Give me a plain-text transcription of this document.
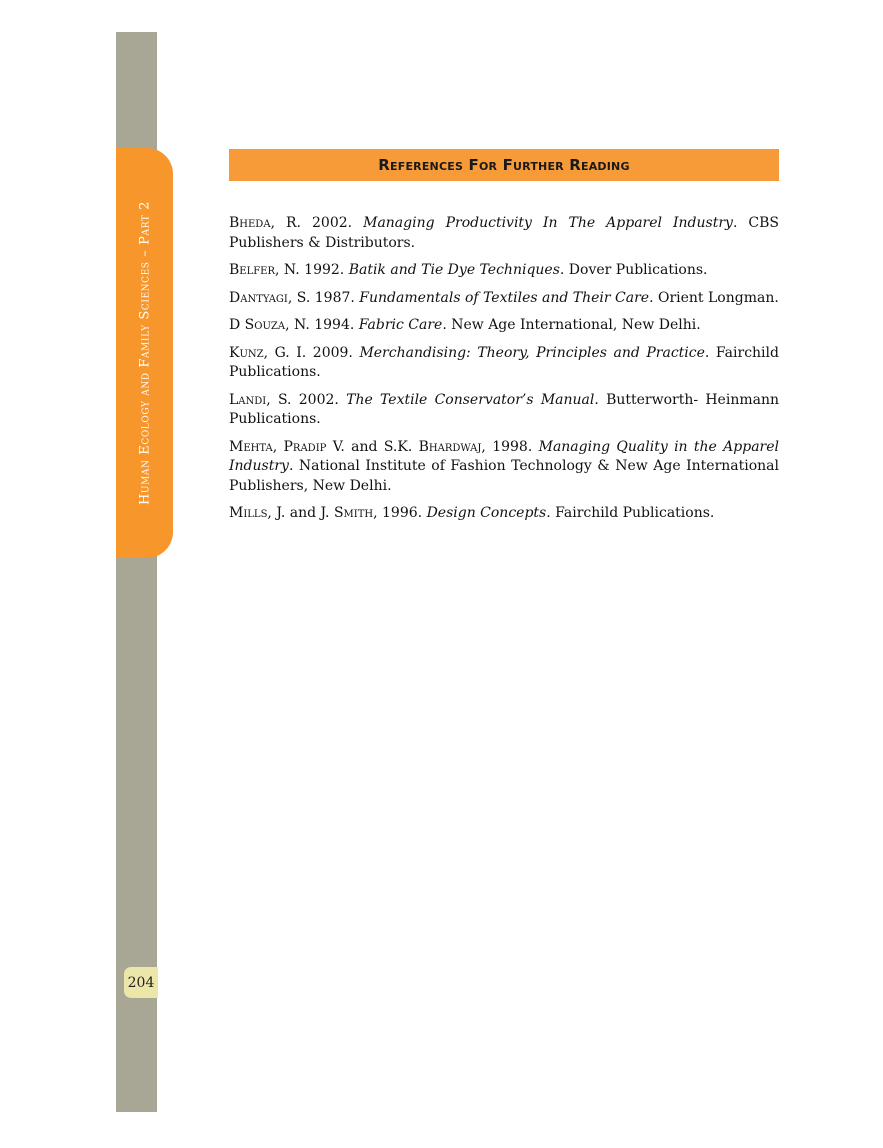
Human Ecology and Family Sciences – Part 2
204
References For Further Reading

Bheda, R. 2002. Managing Productivity In The Apparel Industry. CBS Publishers & Distributors.

Belfer, N. 1992. Batik and Tie Dye Techniques. Dover Publications.

Dantyagi, S. 1987. Fundamentals of Textiles and Their Care. Orient Longman.

D Souza, N. 1994. Fabric Care. New Age International, New Delhi.

Kunz, G. I. 2009. Merchandising: Theory, Principles and Practice. Fairchild Publications.

Landi, S. 2002. The Textile Conservator’s Manual. Butterworth- Heinmann Publications.

Mehta, Pradip V. and S.K. Bhardwaj, 1998. Managing Quality in the Apparel Industry. National Institute of Fashion Technology & New Age International Publishers, New Delhi.

Mills, J. and J. Smith, 1996. Design Concepts. Fairchild Publications.
